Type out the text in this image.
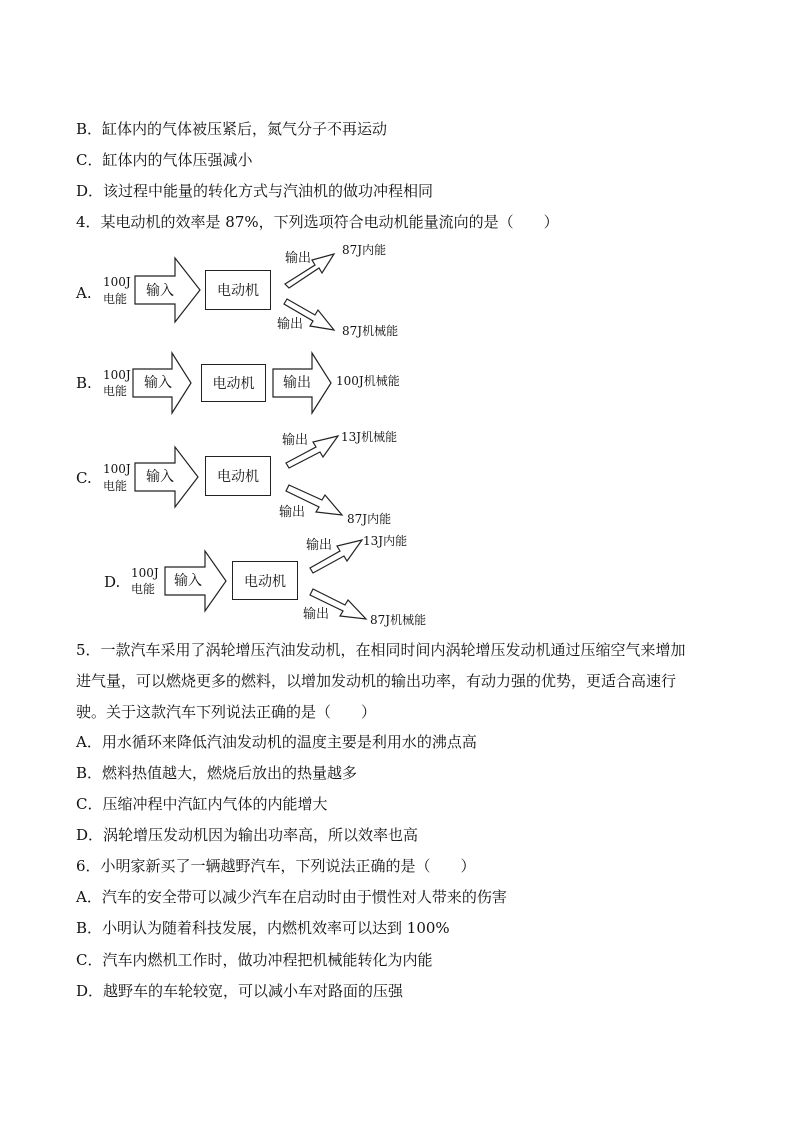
B．缸体内的气体被压紧后，氮气分子不再运动
C．缸体内的气体压强减小
D．该过程中能量的转化方式与汽油机的做功冲程相同
4．某电动机的效率是 87%，下列选项符合电动机能量流向的是（　　）
A.
100J
电能 输入	电动机
输出
87J内能
输出	87J机械能
B. 100J
电能 输入	电动机 输出 100J机械能
C. 100J
电能
输入	电动机
输出	13J机械能
输出	87J内能
D. 100J
电能 输入	电动机
输出	13J内能
输出	87J机械能
5．一款汽车采用了涡轮增压汽油发动机，在相同时间内涡轮增压发动机通过压缩空气来增加
进气量，可以燃烧更多的燃料，以增加发动机的输出功率，有动力强的优势，更适合高速行
驶。关于这款汽车下列说法正确的是（　　）
A．用水循环来降低汽油发动机的温度主要是利用水的沸点高
B．燃料热值越大，燃烧后放出的热量越多
C．压缩冲程中汽缸内气体的内能增大
D．涡轮增压发动机因为输出功率高，所以效率也高
6．小明家新买了一辆越野汽车，下列说法正确的是（　　）
A．汽车的安全带可以减少汽车在启动时由于惯性对人带来的伤害
B．小明认为随着科技发展，内燃机效率可以达到 100%
C．汽车内燃机工作时，做功冲程把机械能转化为内能
D．越野车的车轮较宽，可以减小车对路面的压强
